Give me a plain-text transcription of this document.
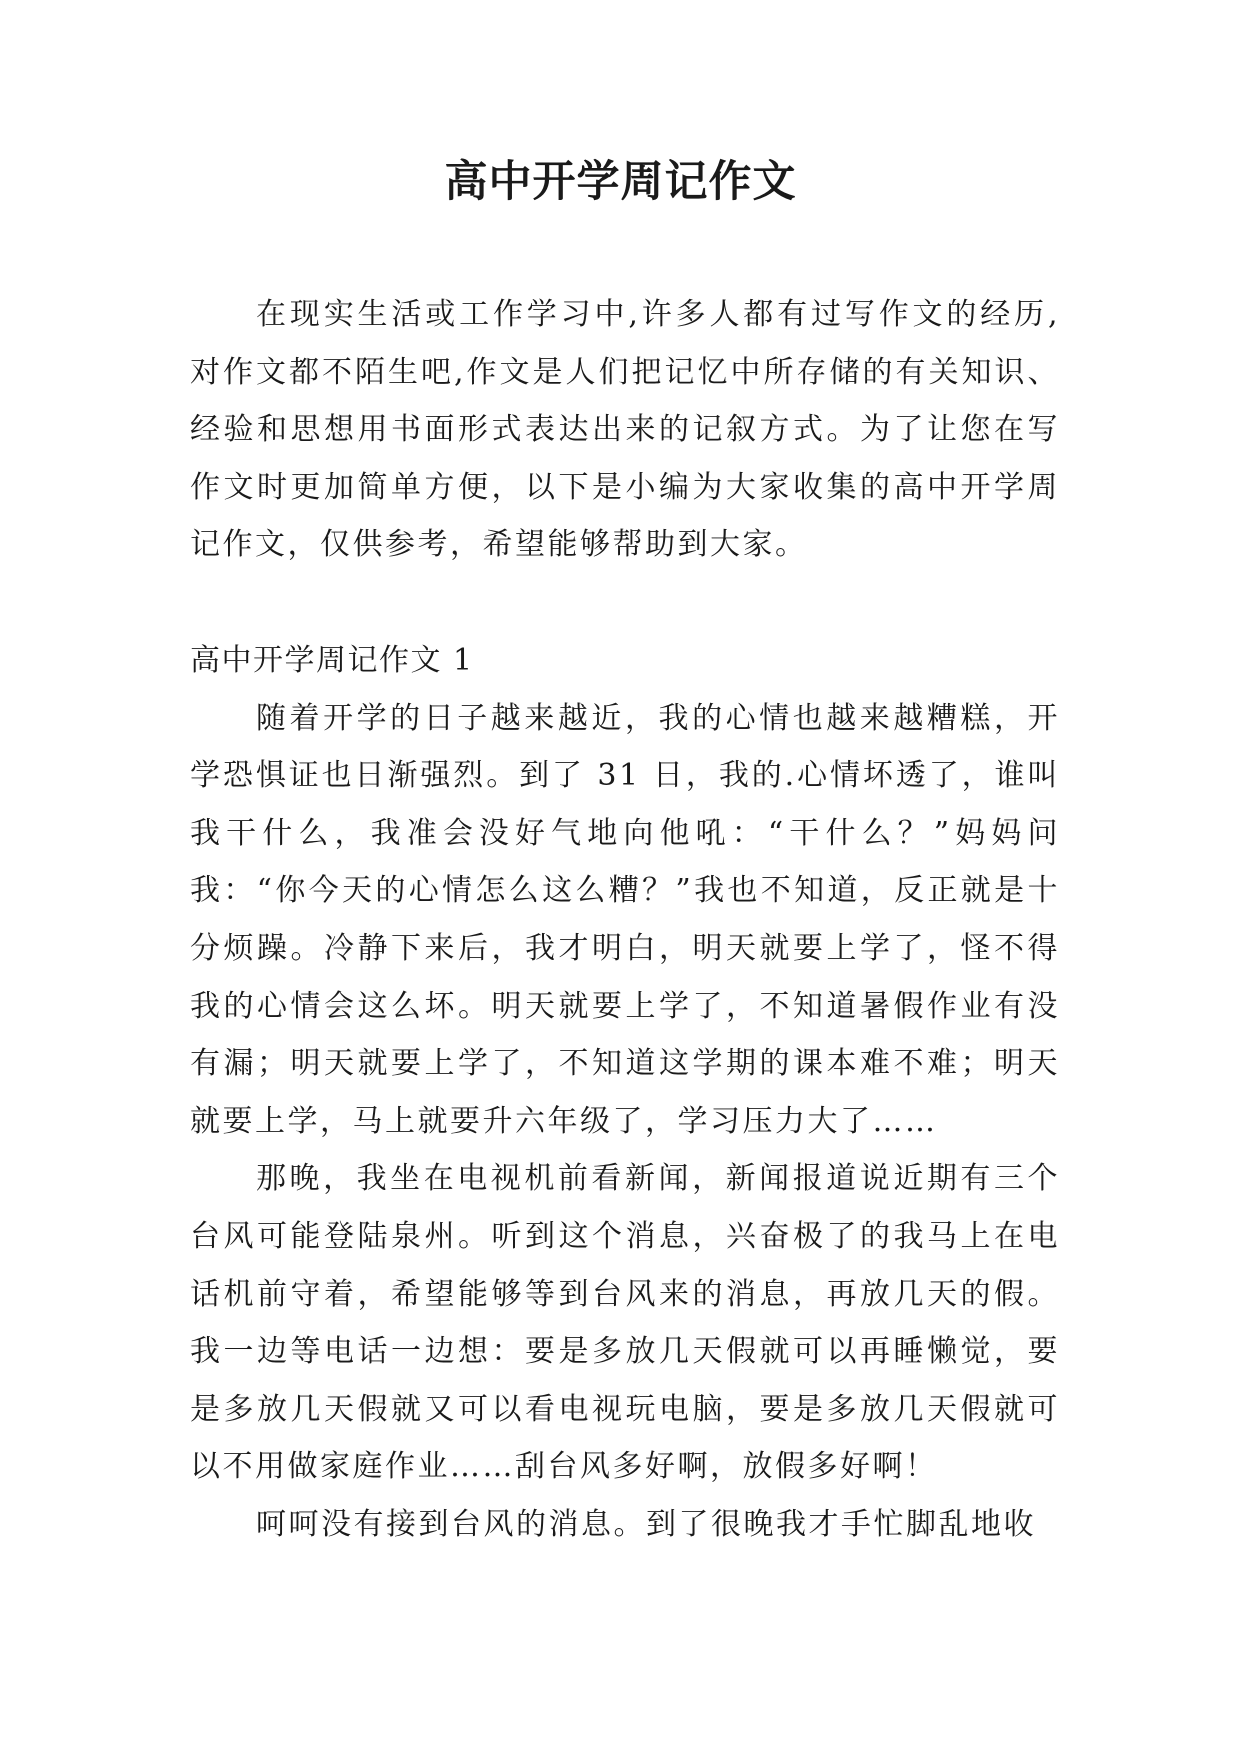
高中开学周记作文

在现实生活或工作学习中,许多人都有过写作文的经历,对作文都不陌生吧,作文是人们把记忆中所存储的有关知识、经验和思想用书面形式表达出来的记叙方式。为了让您在写作文时更加简单方便，以下是小编为大家收集的高中开学周记作文，仅供参考，希望能够帮助到大家。

高中开学周记作文 1

随着开学的日子越来越近，我的心情也越来越糟糕，开学恐惧证也日渐强烈。到了 31 日，我的.心情坏透了，谁叫我干什么，我准会没好气地向他吼：“干什么？”妈妈问我：“你今天的心情怎么这么糟？”我也不知道，反正就是十分烦躁。冷静下来后，我才明白，明天就要上学了，怪不得我的心情会这么坏。明天就要上学了，不知道暑假作业有没有漏；明天就要上学了，不知道这学期的课本难不难；明天就要上学，马上就要升六年级了，学习压力大了……

那晚，我坐在电视机前看新闻，新闻报道说近期有三个台风可能登陆泉州。听到这个消息，兴奋极了的我马上在电话机前守着，希望能够等到台风来的消息，再放几天的假。我一边等电话一边想：要是多放几天假就可以再睡懒觉，要是多放几天假就又可以看电视玩电脑，要是多放几天假就可以不用做家庭作业……刮台风多好啊，放假多好啊！

呵呵没有接到台风的消息。到了很晚我才手忙脚乱地收
